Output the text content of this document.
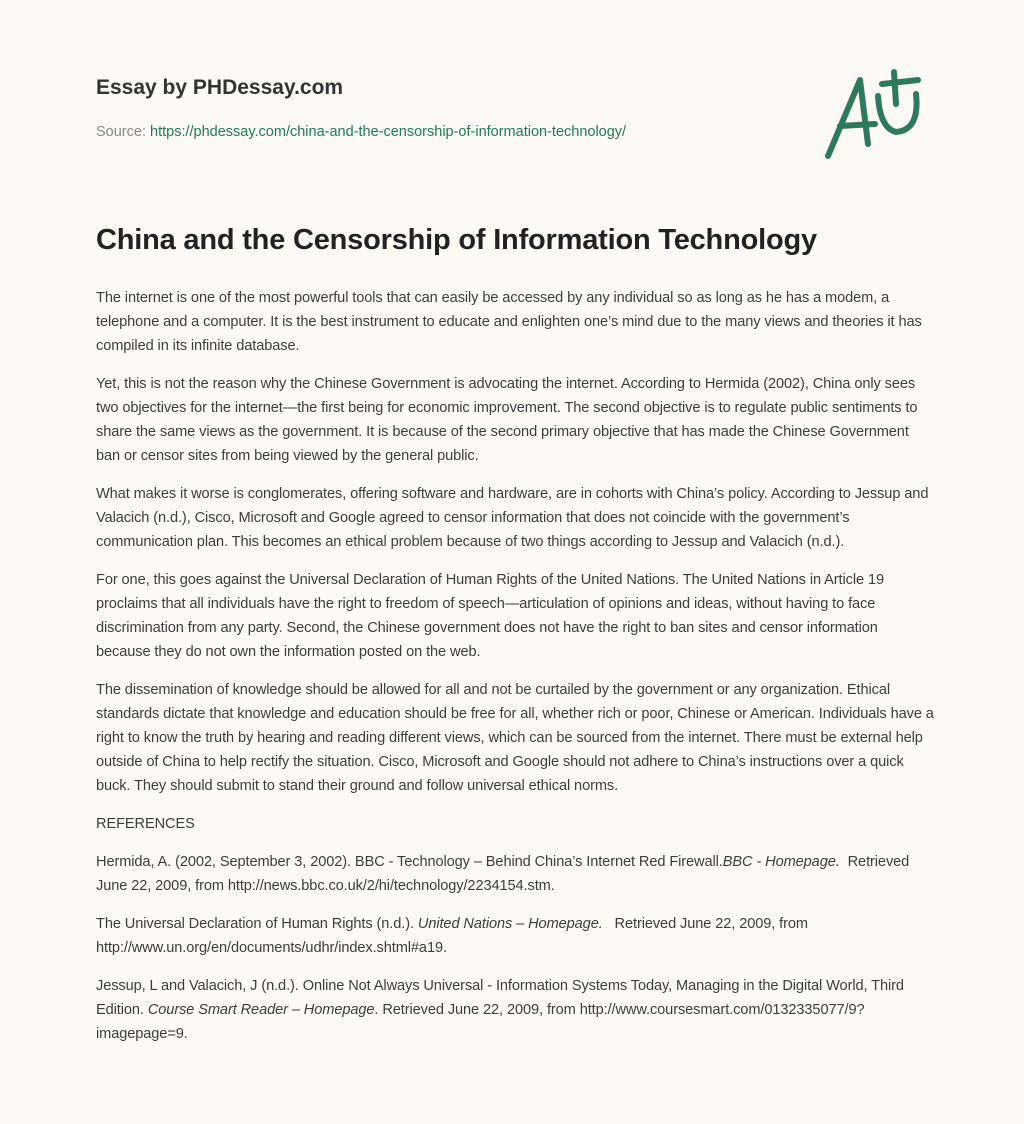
Essay by PHDessay.com
Source: https://phdessay.com/china-and-the-censorship-of-information-technology/
China and the Censorship of Information Technology

The internet is one of the most powerful tools that can easily be accessed by any individual so as long as he has a modem, a telephone and a computer. It is the best instrument to educate and enlighten one’s mind due to the many views and theories it has compiled in its infinite database.

Yet, this is not the reason why the Chinese Government is advocating the internet. According to Hermida (2002), China only sees two objectives for the internet—the first being for economic improvement. The second objective is to regulate public sentiments to share the same views as the government. It is because of the second primary objective that has made the Chinese Government ban or censor sites from being viewed by the general public.

What makes it worse is conglomerates, offering software and hardware, are in cohorts with China’s policy. According to Jessup and Valacich (n.d.), Cisco, Microsoft and Google agreed to censor information that does not coincide with the government’s communication plan. This becomes an ethical problem because of two things according to Jessup and Valacich (n.d.).

For one, this goes against the Universal Declaration of Human Rights of the United Nations. The United Nations in Article 19 proclaims that all individuals have the right to freedom of speech—articulation of opinions and ideas, without having to face discrimination from any party. Second, the Chinese government does not have the right to ban sites and censor information because they do not own the information posted on the web.

The dissemination of knowledge should be allowed for all and not be curtailed by the government or any organization. Ethical standards dictate that knowledge and education should be free for all, whether rich or poor, Chinese or American. Individuals have a right to know the truth by hearing and reading different views, which can be sourced from the internet. There must be external help outside of China to help rectify the situation. Cisco, Microsoft and Google should not adhere to China’s instructions over a quick buck. They should submit to stand their ground and follow universal ethical norms.

REFERENCES

Hermida, A. (2002, September 3, 2002). BBC - Technology – Behind China’s Internet Red Firewall.BBC - Homepage.  Retrieved June 22, 2009, from http://news.bbc.co.uk/2/hi/technology/2234154.stm.

The Universal Declaration of Human Rights (n.d.). United Nations – Homepage.   Retrieved June 22, 2009, from http://www.un.org/en/documents/udhr/index.shtml#a19.

Jessup, L and Valacich, J (n.d.). Online Not Always Universal - Information Systems Today, Managing in the Digital World, Third Edition. Course Smart Reader – Homepage. Retrieved June 22, 2009, from http://www.coursesmart.com/0132335077/9?imagepage=9.
